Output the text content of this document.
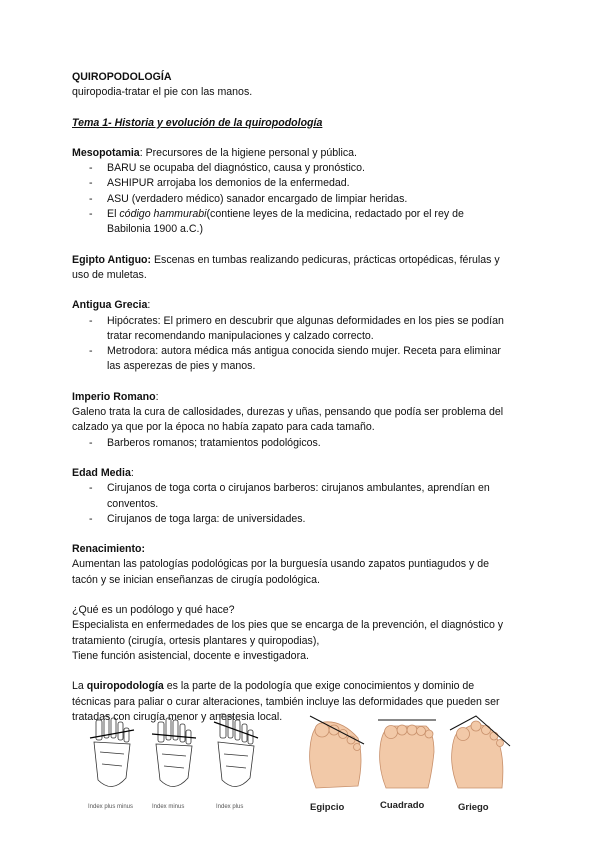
QUIROPODOLOGÍA
quiropodia-tratar el pie con las manos.
Tema 1- Historia y evolución de la quiropodología
Mesopotamia: Precursores de la higiene personal y pública.
- BARU se ocupaba del diagnóstico, causa y pronóstico.
- ASHIPUR arrojaba los demonios de la enfermedad.
- ASU (verdadero médico) sanador encargado de limpiar heridas.
- El código hammurabi(contiene leyes de la medicina, redactado por el rey de
Babilonia 1900 a.C.)
Egipto Antiguo: Escenas en tumbas realizando pedicuras, prácticas ortopédicas, férulas y
uso de muletas.
Antigua Grecia:
- Hipócrates: El primero en descubrir que algunas deformidades en los pies se podían
tratar recomendando manipulaciones y calzado correcto.
- Metrodora: autora médica más antigua conocida siendo mujer. Receta para eliminar
las asperezas de pies y manos.
Imperio Romano:
Galeno trata la cura de callosidades, durezas y uñas, pensando que podía ser problema del
calzado ya que por la época no había zapato para cada tamaño.
- Barberos romanos; tratamientos podológicos.
Edad Media:
- Cirujanos de toga corta o cirujanos barberos: cirujanos ambulantes, aprendían en
conventos.
- Cirujanos de toga larga: de universidades.
Renacimiento:
Aumentan las patologías podológicas por la burguesía usando zapatos puntiagudos y de
tacón y se inician enseñanzas de cirugía podológica.
¿Qué es un podólogo y qué hace?
Especialista en enfermedades de los pies que se encarga de la prevención, el diagnóstico y
tratamiento (cirugía, ortesis plantares y quiropodias),
Tiene función asistencial, docente e investigadora.
La quiropodología es la parte de la podología que exige conocimientos y dominio de
técnicas para paliar o curar alteraciones, también incluye las deformidades que pueden ser
tratadas con cirugía menor y anestesia local.
Index plus minus	Index minus	Index plus	Egipcio	Cuadrado	Griego
